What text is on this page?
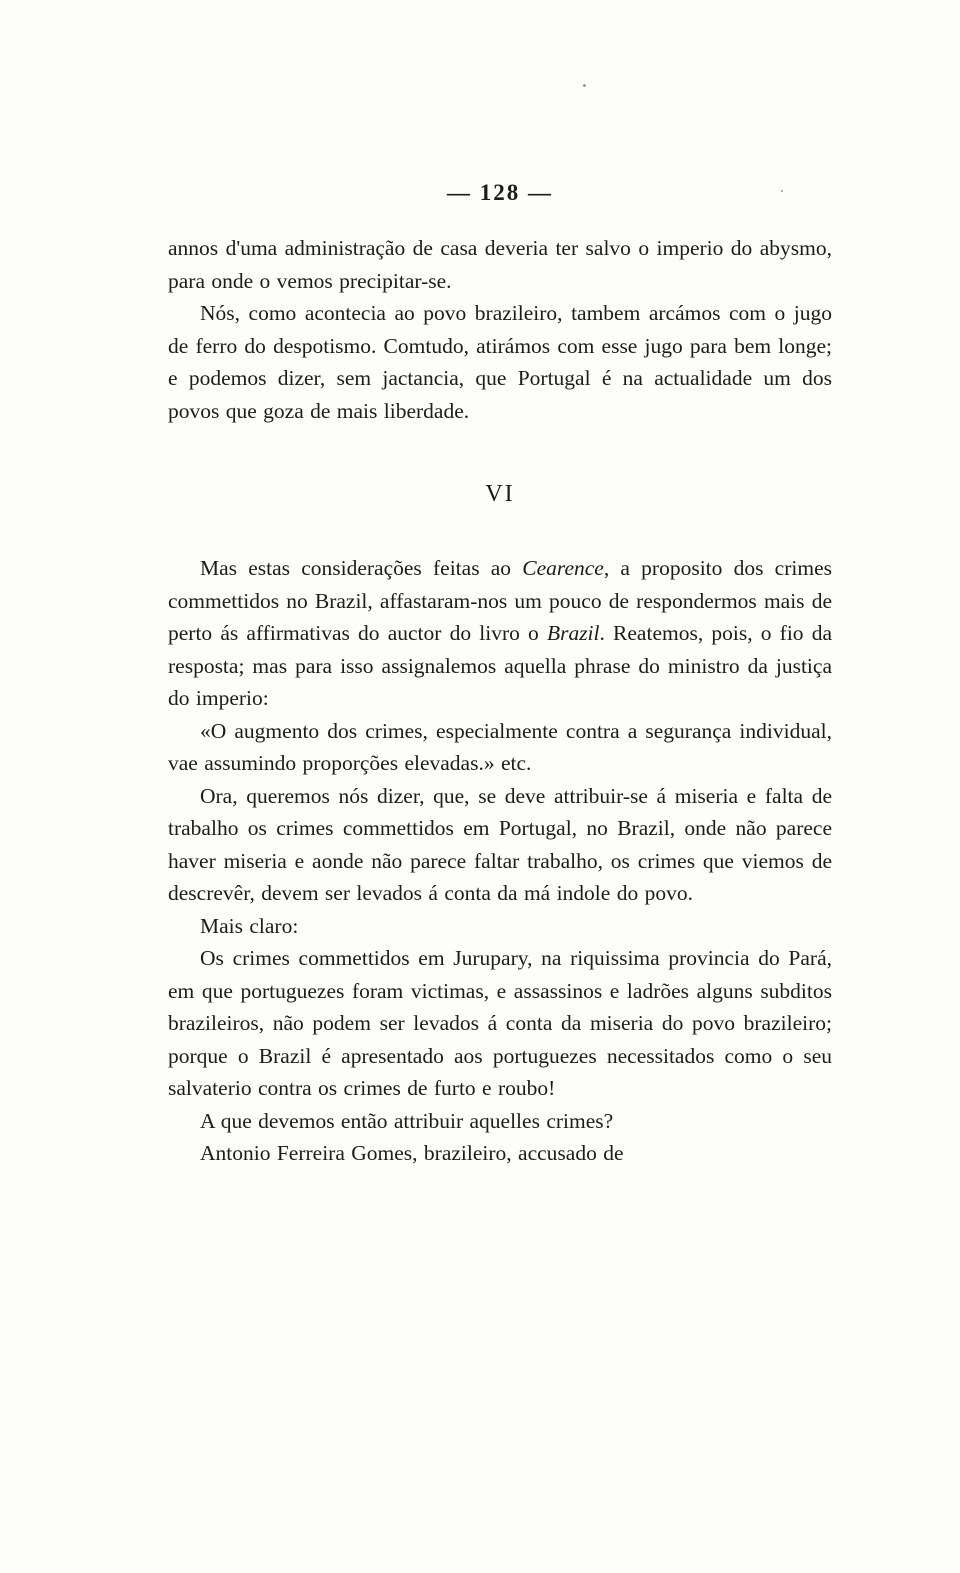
— 128 —

annos d'uma administração de casa deveria ter salvo o imperio do abysmo, para onde o vemos precipitar-se.

Nós, como acontecia ao povo brazileiro, tambem arcámos com o jugo de ferro do despotismo. Comtudo, atirámos com esse jugo para bem longe; e podemos dizer, sem jactancia, que Portugal é na actualidade um dos povos que goza de mais liberdade.

VI

Mas estas considerações feitas ao Cearence, a proposito dos crimes commettidos no Brazil, affastaram-nos um pouco de respondermos mais de perto ás affirmativas do auctor do livro o Brazil. Reatemos, pois, o fio da resposta; mas para isso assignalemos aquella phrase do ministro da justiça do imperio:

«O augmento dos crimes, especialmente contra a segurança individual, vae assumindo proporções elevadas.» etc.

Ora, queremos nós dizer, que, se deve attribuir-se á miseria e falta de trabalho os crimes commettidos em Portugal, no Brazil, onde não parece haver miseria e aonde não parece faltar trabalho, os crimes que viemos de descrevêr, devem ser levados á conta da má indole do povo.

Mais claro:

Os crimes commettidos em Jurupary, na riquissima provincia do Pará, em que portuguezes foram victimas, e assassinos e ladrões alguns subditos brazileiros, não podem ser levados á conta da miseria do povo brazileiro; porque o Brazil é apresentado aos portuguezes necessitados como o seu salvaterio contra os crimes de furto e roubo!

A que devemos então attribuir aquelles crimes?

Antonio Ferreira Gomes, brazileiro, accusado de
